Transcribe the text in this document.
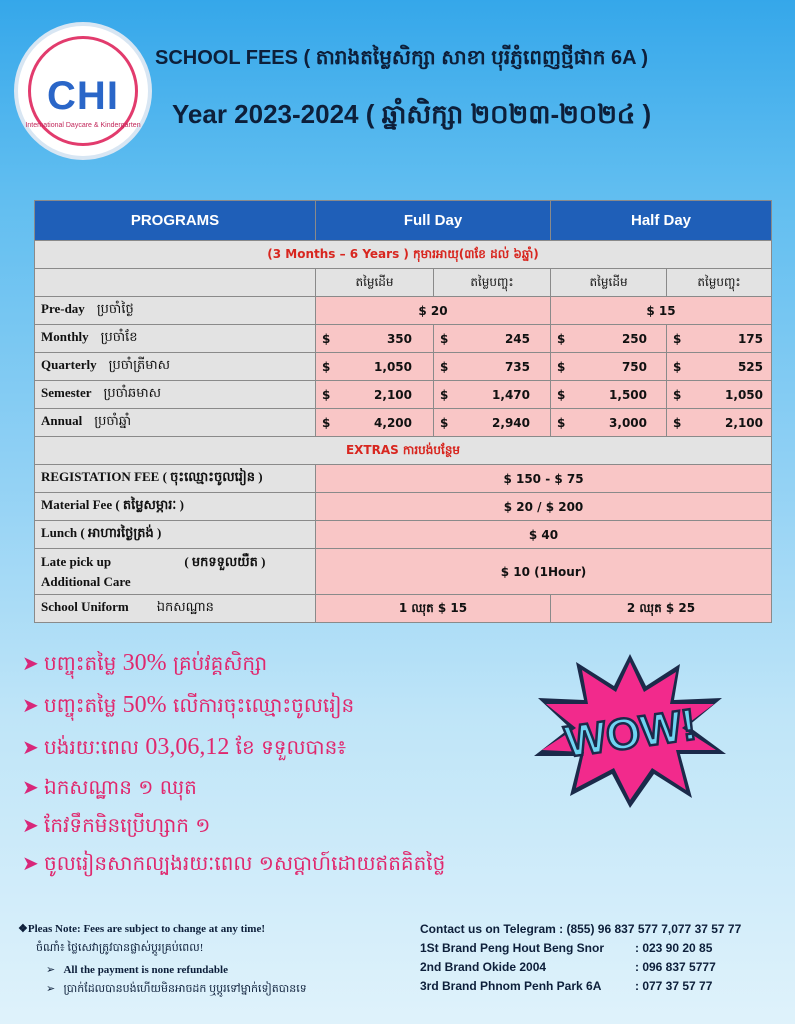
CHI
International Daycare & Kindergarten
SCHOOL FEES ( តារាងតម្លៃសិក្សា សាខា បុរីភ្ញំពេញថ្មីផាក 6A )
Year 2023-2024 ( ឆ្នាំសិក្សា ២០២៣-២០២៤ )
PROGRAMS	Full Day		Half Day	
(3 Months – 6 Years ) កុមារអាយុ(៣ខែ ដល់ ៦ឆ្នាំ)				
	តម្លៃដើម	តម្លៃបញ្ចុះ	តម្លៃដើម	តម្លៃបញ្ចុះ
Pre-day ប្រចាំថ្ងៃ	$ 20		$ 15	
Monthly ប្រចាំខែ	$ 350	$ 245	$ 250	$ 175
Quarterly ប្រចាំត្រីមាស	$ 1,050	$ 735	$ 750	$ 525
Semester ប្រចាំឆមាស	$ 2,100	$ 1,470	$ 1,500	$ 1,050
Annual ប្រចាំឆ្នាំ	$ 4,200	$ 2,940	$ 3,000	$ 2,100
EXTRAS ការបង់បន្ថែម				
REGISTATION FEE ( ចុះឈ្មោះចូលរៀន )	$ 150 - $ 75			
Material Fee ( តម្លៃសម្ភារៈ )	$ 20 / $ 200			
Lunch ( អាហារថ្ងៃត្រង់ )	$ 40			
Late pick up ( មកទទួលយឺត )
Additional Care	$ 10 (1Hour)			
School Uniform ឯកសណ្ឋាន	1 ឈុត $ 15		2 ឈុត $ 25	
➤ បញ្ចុះតម្លៃ 30% គ្រប់វគ្គសិក្សា
➤ បញ្ចុះតម្លៃ 50% លើការចុះឈ្មោះចូលរៀន
➤ បង់រយៈពេល 03,06,12 ខែ ទទួលបាន៖
➤ ឯកសណ្ឋាន ១ ឈុត
➤ កែវទឹកមិនប្រើហ្សាក ១
➤ ចូលរៀនសាកល្បងរយៈពេល ១សប្តាហ៍ដោយឥតគិតថ្លៃ
WOW!
❖Pleas Note: Fees are subject to change at any time!
ចំណាំ៖ ថ្លៃសេវាត្រូវបានផ្លាស់ប្តូរគ្រប់ពេល!
➢   All the payment is none refundable
➢   ប្រាក់ដែលបានបង់ហើយមិនអាចដក ឬប្តូរទៅម្នាក់ទៀតបានទេ
Contact us on Telegram : (855) 96 837 577 7,077 37 57 77
1St Brand Peng Hout Beng Snor	: 023 90 20 85
2nd Brand Okide 2004	: 096 837 5777
3rd Brand Phnom Penh Park 6A	: 077 37 57 77
